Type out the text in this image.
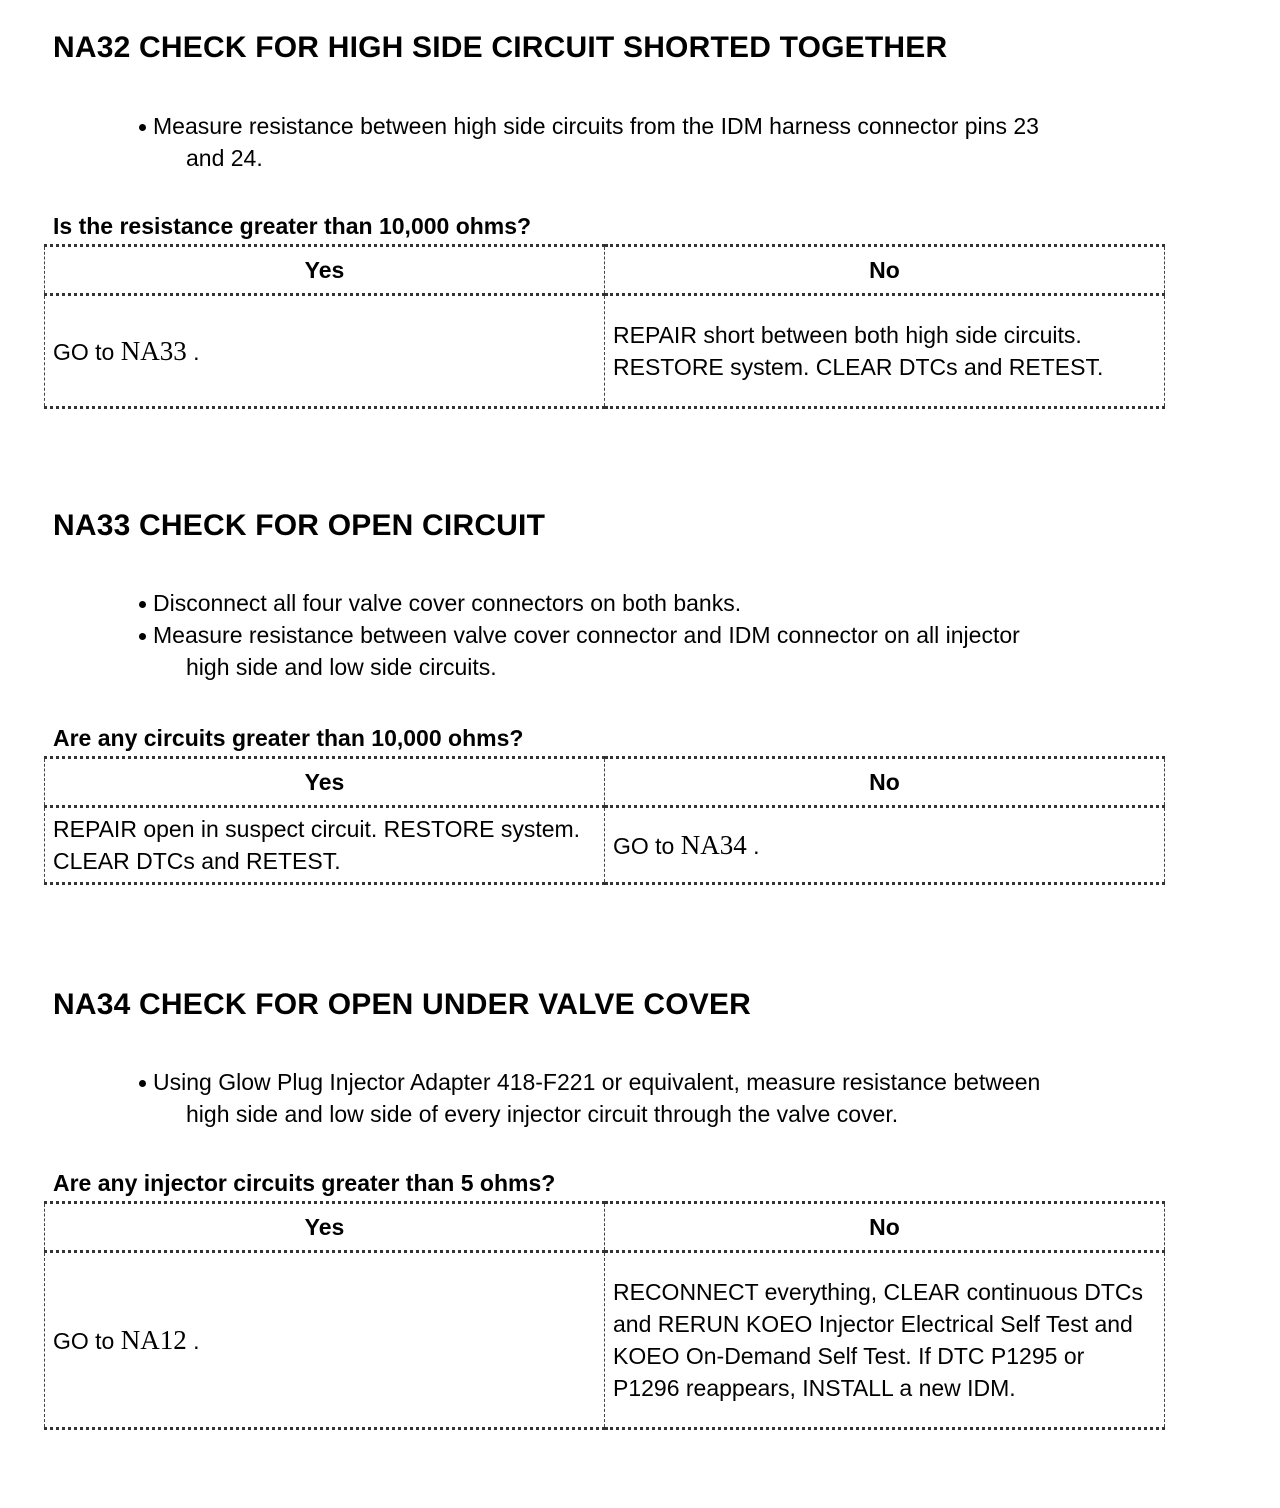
NA32 CHECK FOR HIGH SIDE CIRCUIT SHORTED TOGETHER
Measure resistance between high side circuits from the IDM harness connector pins 23
and 24.

Is the resistance greater than 10,000 ohms?

Yes	No
GO to NA33 .	REPAIR short between both high side circuits. RESTORE system. CLEAR DTCs and RETEST.
NA33 CHECK FOR OPEN CIRCUIT
Disconnect all four valve cover connectors on both banks.
Measure resistance between valve cover connector and IDM connector on all injector
high side and low side circuits.

Are any circuits greater than 10,000 ohms?

Yes	No
REPAIR open in suspect circuit. RESTORE system. CLEAR DTCs and RETEST.	GO to NA34 .
NA34 CHECK FOR OPEN UNDER VALVE COVER
Using Glow Plug Injector Adapter 418-F221 or equivalent, measure resistance between
high side and low side of every injector circuit through the valve cover.

Are any injector circuits greater than 5 ohms?

Yes	No
GO to NA12 .	RECONNECT everything, CLEAR continuous DTCs and RERUN KOEO Injector Electrical Self Test and KOEO On-Demand Self Test. If DTC P1295 or P1296 reappears, INSTALL a new IDM.
